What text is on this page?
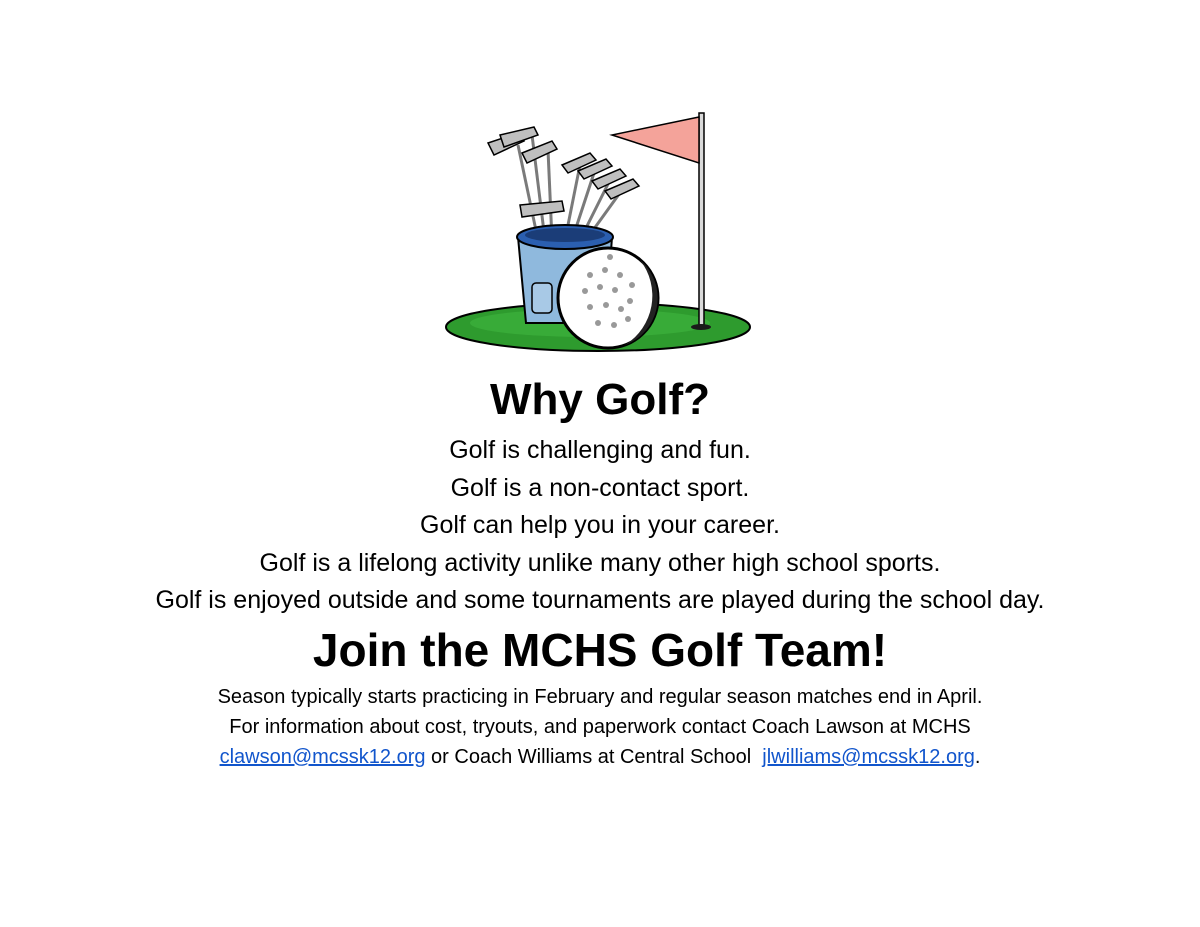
Why Golf?
Golf is challenging and fun.
Golf is a non-contact sport.
Golf can help you in your career.
Golf is a lifelong activity unlike many other high school sports.
Golf is enjoyed outside and some tournaments are played during the school day.
Join the MCHS Golf Team!

Season typically starts practicing in February and regular season matches end in April.

For information about cost, tryouts, and paperwork contact Coach Lawson at MCHS

clawson@mcssk12.org or Coach Williams at Central School  jlwilliams@mcssk12.org.
